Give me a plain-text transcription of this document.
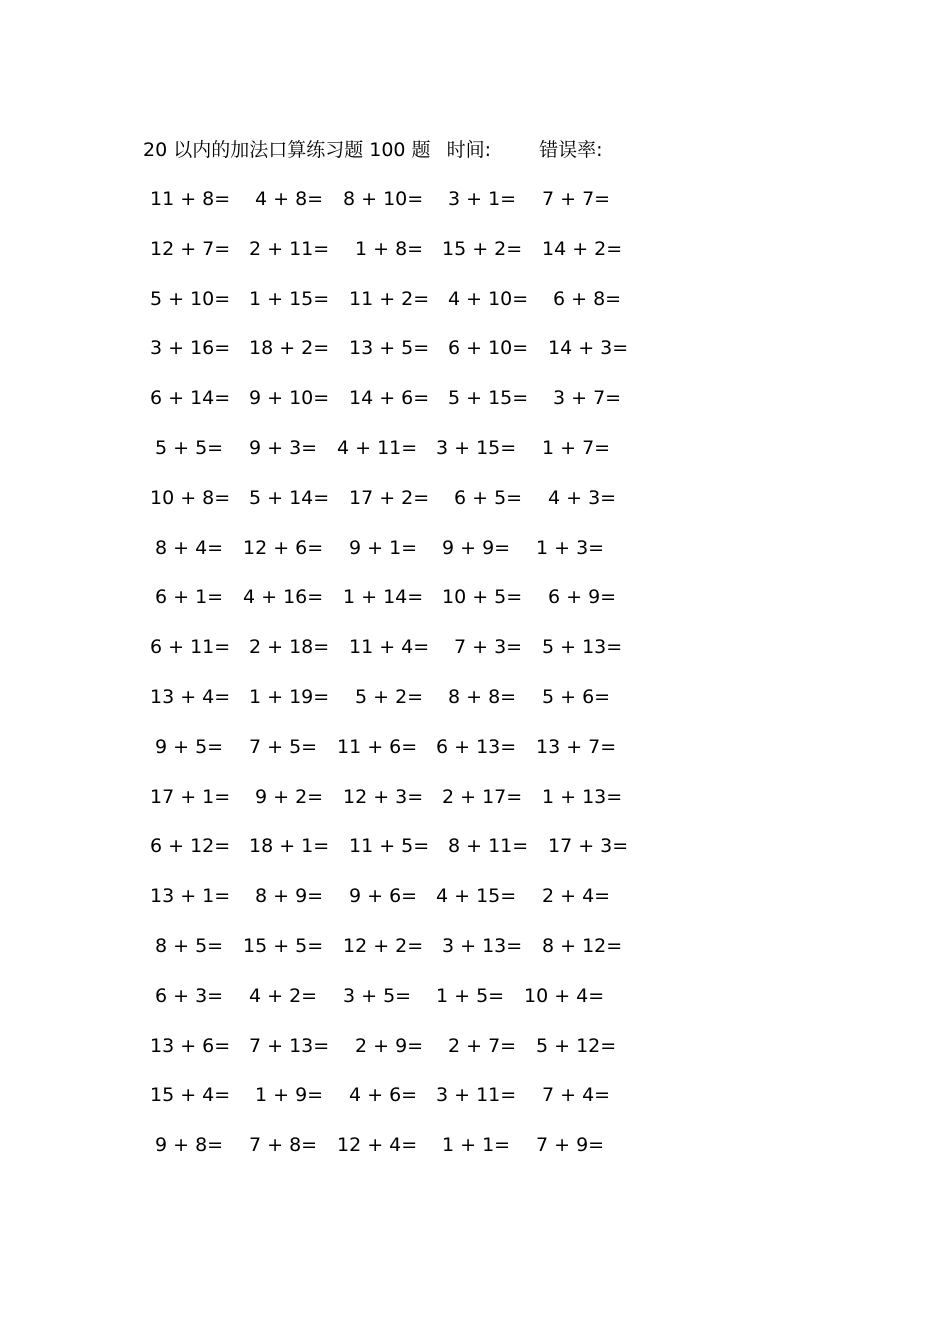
20 以内的加法口算练习题 100 题 时间:	错误率:
11 + 8= 4 + 8= 8 + 10= 3 + 1= 7 + 7=
12 + 7= 2 + 11= 1 + 8= 15 + 2= 14 + 2=
5 + 10= 1 + 15= 11 + 2= 4 + 10= 6 + 8=
3 + 16= 18 + 2= 13 + 5= 6 + 10= 14 + 3=
6 + 14= 9 + 10= 14 + 6= 5 + 15= 3 + 7=
5 + 5= 9 + 3= 4 + 11= 3 + 15= 1 + 7=
10 + 8= 5 + 14= 17 + 2= 6 + 5= 4 + 3=
8 + 4= 12 + 6= 9 + 1= 9 + 9= 1 + 3=
6 + 1= 4 + 16= 1 + 14= 10 + 5= 6 + 9=
6 + 11= 2 + 18= 11 + 4= 7 + 3= 5 + 13=
13 + 4= 1 + 19= 5 + 2= 8 + 8= 5 + 6=
9 + 5= 7 + 5= 11 + 6= 6 + 13= 13 + 7=
17 + 1= 9 + 2= 12 + 3= 2 + 17= 1 + 13=
6 + 12= 18 + 1= 11 + 5= 8 + 11= 17 + 3=
13 + 1= 8 + 9= 9 + 6= 4 + 15= 2 + 4=
8 + 5= 15 + 5= 12 + 2= 3 + 13= 8 + 12=
6 + 3= 4 + 2= 3 + 5= 1 + 5= 10 + 4=
13 + 6= 7 + 13= 2 + 9= 2 + 7= 5 + 12=
15 + 4= 1 + 9= 4 + 6= 3 + 11= 7 + 4=
9 + 8= 7 + 8= 12 + 4= 1 + 1= 7 + 9=
